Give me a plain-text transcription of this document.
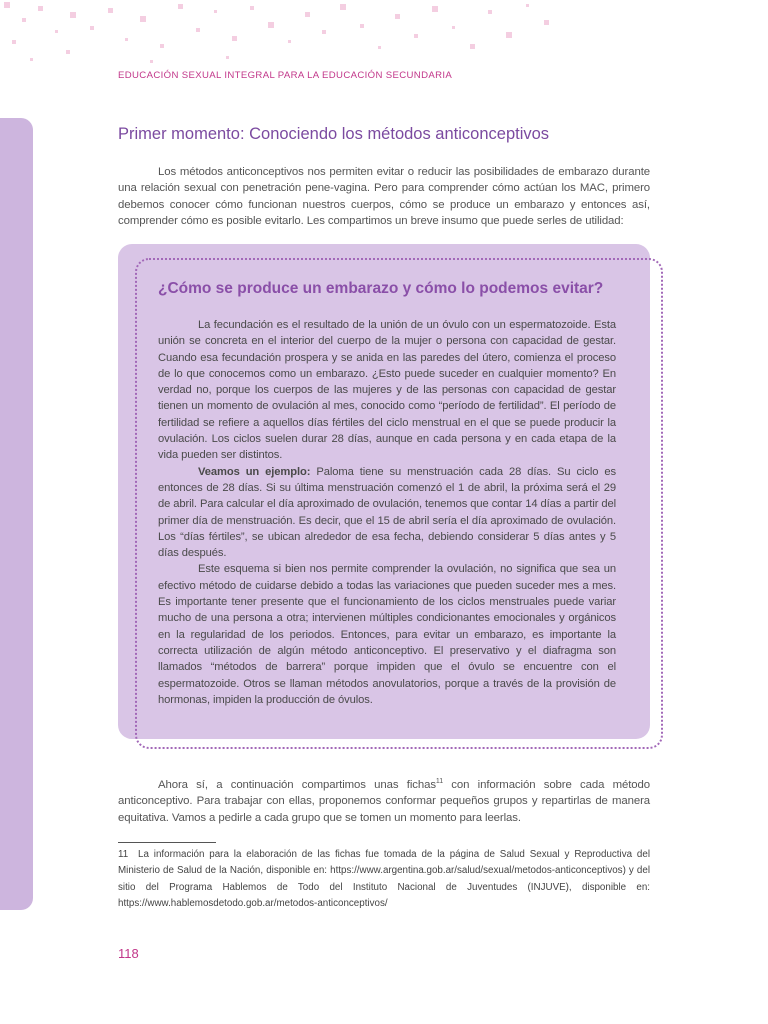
EDUCACIÓN SEXUAL INTEGRAL PARA LA EDUCACIÓN SECUNDARIA

Primer momento: Conociendo los métodos anticonceptivos

Los métodos anticonceptivos nos permiten evitar o reducir las posibilidades de embarazo durante una relación sexual con penetración pene-vagina. Pero para comprender cómo actúan los MAC, primero debemos conocer cómo funcionan nuestros cuerpos, cómo se produce un embarazo y entonces así, comprender cómo es posible evitarlo. Les compartimos un breve insumo que puede serles de utilidad:

¿Cómo se produce un embarazo y cómo lo podemos evitar?

La fecundación es el resultado de la unión de un óvulo con un espermatozoide. Esta unión se concreta en el interior del cuerpo de la mujer o persona con capacidad de gestar. Cuando esa fecundación prospera y se anida en las paredes del útero, comienza el proceso de lo que conocemos como un embarazo. ¿Esto puede suceder en cualquier momento? En verdad no, porque los cuerpos de las mujeres y de las personas con capacidad de gestar tienen un momento de ovulación al mes, conocido como “período de fertilidad”. El período de fertilidad se refiere a aquellos días fértiles del ciclo menstrual en el que se puede producir la ovulación. Los ciclos suelen durar 28 días, aunque en cada persona y en cada etapa de la vida pueden ser distintos.

Veamos un ejemplo: Paloma tiene su menstruación cada 28 días. Su ciclo es entonces de 28 días. Si su última menstruación comenzó el 1 de abril, la próxima será el 29 de abril. Para calcular el día aproximado de ovulación, tenemos que contar 14 días a partir del primer día de menstruación. Es decir, que el 15 de abril sería el día aproximado de ovulación. Los “días fértiles”, se ubican alrededor de esa fecha, debiendo considerar 5 días antes y 5 días después.

Este esquema si bien nos permite comprender la ovulación, no significa que sea un efectivo método de cuidarse debido a todas las variaciones que pueden suceder mes a mes. Es importante tener presente que el funcionamiento de los ciclos menstruales puede variar mucho de una persona a otra; intervienen múltiples condicionantes emocionales y orgánicos en la regularidad de los periodos. Entonces, para evitar un embarazo, es importante la correcta utilización de algún método anticonceptivo. El preservativo y el diafragma son llamados “métodos de barrera” porque impiden que el óvulo se encuentre con el espermatozoide. Otros se llaman métodos anovulatorios, porque a través de la provisión de hormonas, impiden la producción de óvulos.

Ahora sí, a continuación compartimos unas fichas$^{11}$ con información sobre cada método anticonceptivo. Para trabajar con ellas, proponemos conformar pequeños grupos y repartirlas de manera equitativa. Vamos a pedirle a cada grupo que se tomen un momento para leerlas.

11 La información para la elaboración de las fichas fue tomada de la página de Salud Sexual y Reproductiva del Ministerio de Salud de la Nación, disponible en: https://www.argentina.gob.ar/salud/sexual/metodos-anticonceptivos) y del sitio del Programa Hablemos de Todo del Instituto Nacional de Juventudes (INJUVE), disponible en: https://www.hablemosdetodo.gob.ar/metodos-anticonceptivos/

118
